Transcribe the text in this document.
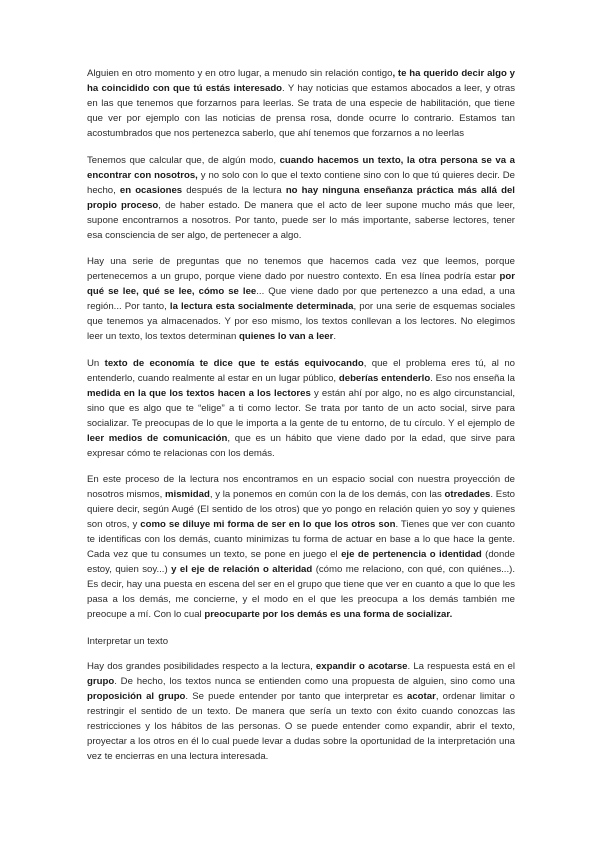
Alguien en otro momento y en otro lugar, a menudo sin relación contigo, te ha querido decir algo y ha coincidido con que tú estás interesado. Y hay noticias que estamos abocados a leer, y otras en las que tenemos que forzarnos para leerlas. Se trata de una especie de habilitación, que tiene que ver por ejemplo con las noticias de prensa rosa, donde ocurre lo contrario. Estamos tan acostumbrados que nos pertenezca saberlo, que ahí tenemos que forzarnos a no leerlas

Tenemos que calcular que, de algún modo, cuando hacemos un texto, la otra persona se va a encontrar con nosotros, y no solo con lo que el texto contiene sino con lo que tú quieres decir. De hecho, en ocasiones después de la lectura no hay ninguna enseñanza práctica más allá del propio proceso, de haber estado. De manera que el acto de leer supone mucho más que leer, supone encontrarnos a nosotros. Por tanto, puede ser lo más importante, saberse lectores, tener esa consciencia de ser algo, de pertenecer a algo.

Hay una serie de preguntas que no tenemos que hacemos cada vez que leemos, porque pertenecemos a un grupo, porque viene dado por nuestro contexto. En esa línea podría estar por qué se lee, qué se lee, cómo se lee... Que viene dado por que pertenezco a una edad, a una región... Por tanto, la lectura esta socialmente determinada, por una serie de esquemas sociales que tenemos ya almacenados. Y por eso mismo, los textos conllevan a los lectores. No elegimos leer un texto, los textos determinan quienes lo van a leer.

Un texto de economía te dice que te estás equivocando, que el problema eres tú, al no entenderlo, cuando realmente al estar en un lugar público, deberías entenderlo. Eso nos enseña la medida en la que los textos hacen a los lectores y están ahí por algo, no es algo circunstancial, sino que es algo que te “elige” a ti como lector. Se trata por tanto de un acto social, sirve para socializar. Te preocupas de lo que le importa a la gente de tu entorno, de tu círculo. Y el ejemplo de leer medios de comunicación, que es un hábito que viene dado por la edad, que sirve para expresar cómo te relacionas con los demás.

En este proceso de la lectura nos encontramos en un espacio social con nuestra proyección de nosotros mismos, mismidad, y la ponemos en común con la de los demás, con las otredades. Esto quiere decir, según Augé (El sentido de los otros) que yo pongo en relación quien yo soy y quienes son otros, y como se diluye mi forma de ser en lo que los otros son. Tienes que ver con cuanto te identificas con los demás, cuanto minimizas tu forma de actuar en base a lo que hace la gente. Cada vez que tu consumes un texto, se pone en juego el eje de pertenencia o identidad (donde estoy, quien soy...) y el eje de relación o alteridad (cómo me relaciono, con qué, con quiénes...). Es decir, hay una puesta en escena del ser en el grupo que tiene que ver en cuanto a que lo que les pasa a los demás, me concierne, y el modo en el que les preocupa a los demás también me preocupe a mí. Con lo cual preocuparte por los demás es una forma de socializar.

Interpretar un texto

Hay dos grandes posibilidades respecto a la lectura, expandir o acotarse. La respuesta está en el grupo. De hecho, los textos nunca se entienden como una propuesta de alguien, sino como una proposición al grupo. Se puede entender por tanto que interpretar es acotar, ordenar limitar o restringir el sentido de un texto. De manera que sería un texto con éxito cuando conozcas las restricciones y los hábitos de las personas. O se puede entender como expandir, abrir el texto, proyectar a los otros en él lo cual puede levar a dudas sobre la oportunidad de la interpretación una vez te encierras en una lectura interesada.
